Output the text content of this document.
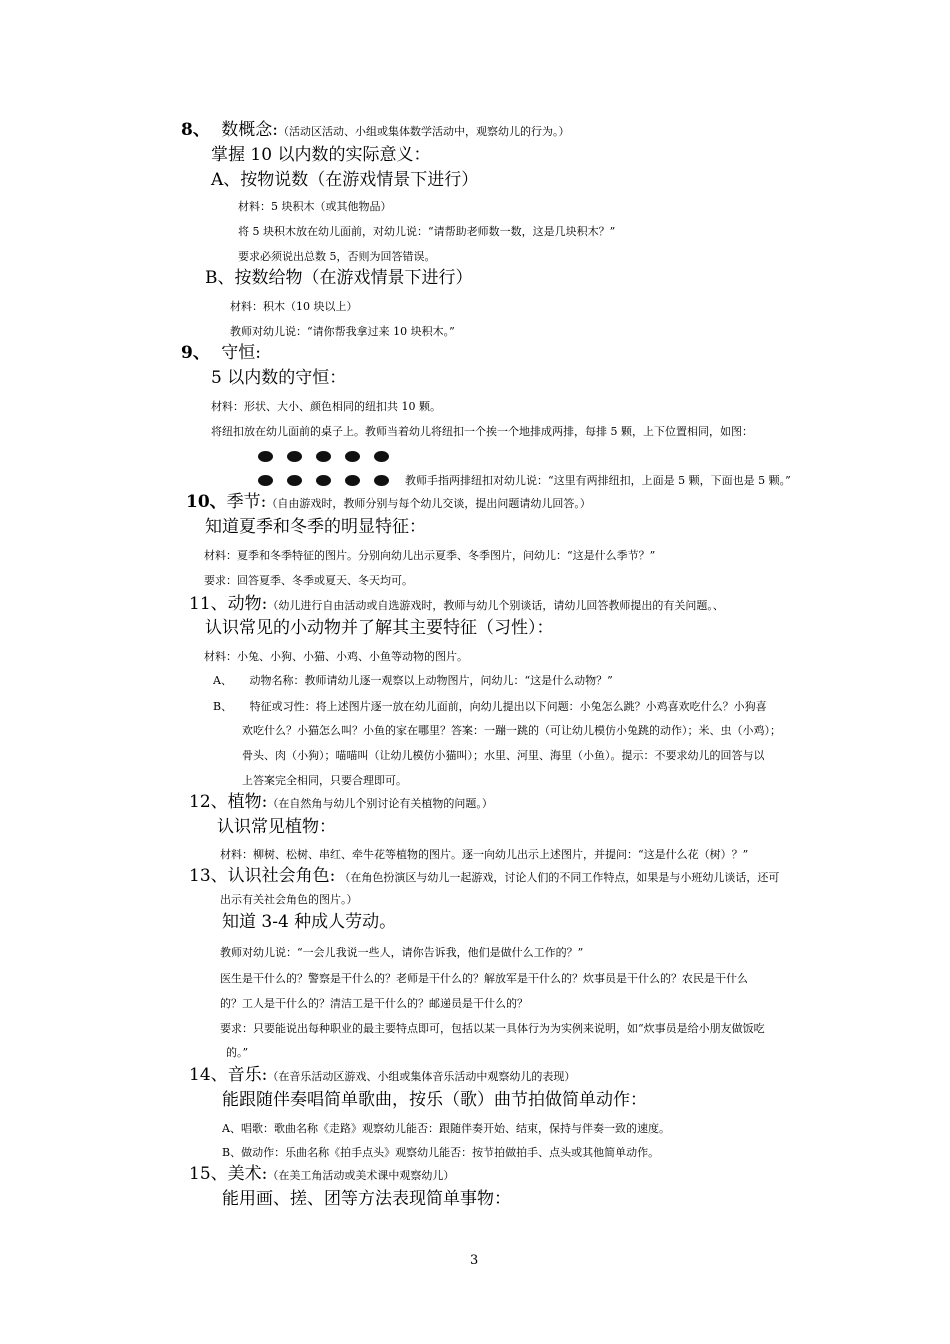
8、 数概念:（活动区活动、小组或集体数学活动中，观察幼儿的行为。）
掌握 10 以内数的实际意义：
A、按物说数（在游戏情景下进行）
材料：5 块积木（或其他物品）
将 5 块积木放在幼儿面前，对幼儿说：“请帮助老师数一数，这是几块积木？”
要求必须说出总数 5，否则为回答错误。
B、按数给物（在游戏情景下进行）
材料：积木（10 块以上）
教师对幼儿说：“请你帮我拿过来 10 块积木。”
9、 守恒:
5 以内数的守恒：
材料：形状、大小、颜色相同的纽扣共 10 颗。
将纽扣放在幼儿面前的桌子上。教师当着幼儿将纽扣一个挨一个地排成两排，每排 5 颗，上下位置相同，如图：
教师手指两排纽扣对幼儿说：“这里有两排纽扣，上面是 5 颗，下面也是 5 颗。”
10、季节:（自由游戏时，教师分别与每个幼儿交谈，提出问题请幼儿回答。）
知道夏季和冬季的明显特征：
材料：夏季和冬季特征的图片。分别向幼儿出示夏季、冬季图片，问幼儿：“这是什么季节？”
要求：回答夏季、冬季或夏天、冬天均可。
11、动物:（幼儿进行自由活动或自选游戏时，教师与幼儿个别谈话，请幼儿回答教师提出的有关问题。、
认识常见的小动物并了解其主要特征（习性）：
材料：小兔、小狗、小猫、小鸡、小鱼等动物的图片。
A、 动物名称：教师请幼儿逐一观察以上动物图片，问幼儿：“这是什么动物？”
B、 特征或习性：将上述图片逐一放在幼儿面前，向幼儿提出以下问题：小兔怎么跳？小鸡喜欢吃什么？小狗喜
欢吃什么？小猫怎么叫？小鱼的家在哪里？答案：一蹦一跳的（可让幼儿模仿小兔跳的动作）；米、虫（小鸡）；
骨头、肉（小狗）；喵喵叫（让幼儿模仿小猫叫）；水里、河里、海里（小鱼）。提示：不要求幼儿的回答与以
上答案完全相同，只要合理即可。
12、植物:（在自然角与幼儿个别讨论有关植物的问题。）
认识常见植物：
材料：柳树、松树、串红、牵牛花等植物的图片。逐一向幼儿出示上述图片，并提问：“这是什么花（树）？”
13、认识社会角色: （在角色扮演区与幼儿一起游戏，讨论人们的不同工作特点，如果是与小班幼儿谈话，还可
出示有关社会角色的图片。）
知道 3-4 种成人劳动。
教师对幼儿说：“一会儿我说一些人，请你告诉我，他们是做什么工作的？”
医生是干什么的？警察是干什么的？老师是干什么的？解放军是干什么的？炊事员是干什么的？农民是干什么
的？工人是干什么的？清洁工是干什么的？邮递员是干什么的？
要求：只要能说出每种职业的最主要特点即可，包括以某一具体行为为实例来说明，如“炊事员是给小朋友做饭吃
的。”
14、音乐:（在音乐活动区游戏、小组或集体音乐活动中观察幼儿的表现）
能跟随伴奏唱简单歌曲，按乐（歌）曲节拍做简单动作：
A、唱歌：歌曲名称《走路》观察幼儿能否：跟随伴奏开始、结束，保持与伴奏一致的速度。
B、做动作：乐曲名称《拍手点头》观察幼儿能否：按节拍做拍手、点头或其他简单动作。
15、美术:（在美工角活动或美术课中观察幼儿）
能用画、搓、团等方法表现简单事物：
3
